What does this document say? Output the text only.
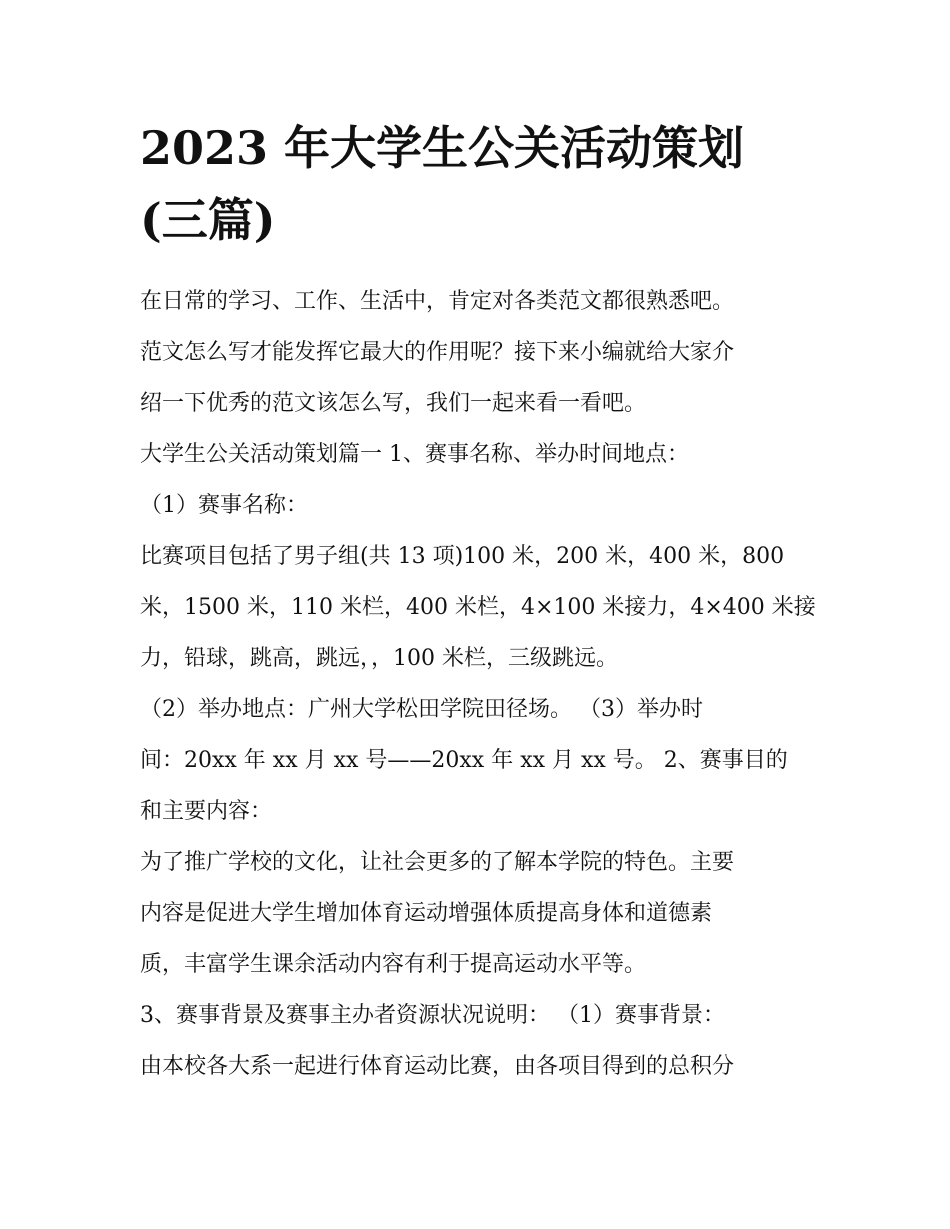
2023 年大学生公关活动策划
(三篇)
在日常的学习、工作、生活中，肯定对各类范文都很熟悉吧。
范文怎么写才能发挥它最大的作用呢？接下来小编就给大家介
绍一下优秀的范文该怎么写，我们一起来看一看吧。
大学生公关活动策划篇一 1、赛事名称、举办时间地点：
（1）赛事名称：
比赛项目包括了男子组(共 13 项)100 米，200 米，400 米，800
米，1500 米，110 米栏，400 米栏，4×100 米接力，4×400 米接
力，铅球，跳高，跳远，，100 米栏，三级跳远。
（2）举办地点：广州大学松田学院田径场。 （3）举办时
间：20xx 年 xx 月 xx 号——20xx 年 xx 月 xx 号。 2、赛事目的
和主要内容：
为了推广学校的文化，让社会更多的了解本学院的特色。主要
内容是促进大学生增加体育运动增强体质提高身体和道德素
质，丰富学生课余活动内容有利于提高运动水平等。
3、赛事背景及赛事主办者资源状况说明： （1）赛事背景：
由本校各大系一起进行体育运动比赛，由各项目得到的总积分
